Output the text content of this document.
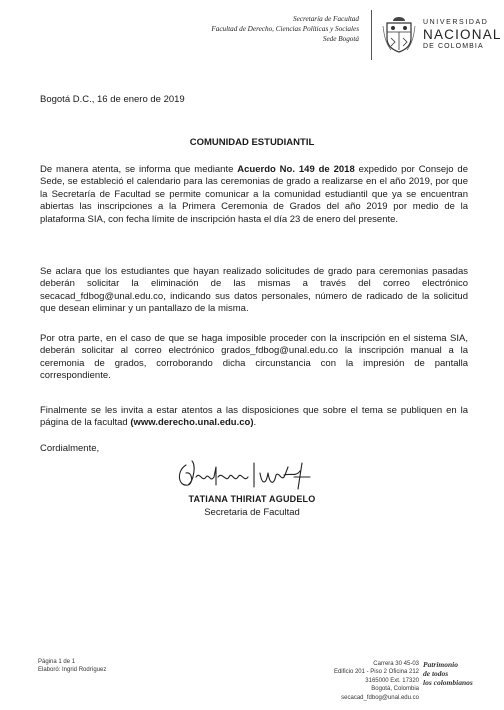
Secretaría de Facultad
Facultad de Derecho, Ciencias Políticas y Sociales
Sede Bogotá
UNIVERSIDAD
NACIONAL
DE COLOMBIA
Bogotá D.C., 16 de enero de 2019
COMUNIDAD ESTUDIANTIL

De manera atenta, se informa que mediante Acuerdo No. 149 de 2018 expedido por Consejo de Sede, se estableció el calendario para las ceremonias de grado a realizarse en el año 2019, por que la Secretaría de Facultad se permite comunicar a la comunidad estudiantil que ya se encuentran abiertas las inscripciones a la Primera Ceremonia de Grados del año 2019 por medio de la plataforma SIA, con fecha límite de inscripción hasta el día 23 de enero del presente.

Se aclara que los estudiantes que hayan realizado solicitudes de grado para ceremonias pasadas deberán solicitar la eliminación de las mismas a través del correo electrónico secacad_fdbog@unal.edu.co, indicando sus datos personales, número de radicado de la solicitud que desean eliminar y un pantallazo de la misma.

Por otra parte, en el caso de que se haga imposible proceder con la inscripción en el sistema SIA, deberán solicitar al correo electrónico grados_fdbog@unal.edu.co la inscripción manual a la ceremonia de grados, corroborando dicha circunstancia con la impresión de pantalla correspondiente.

Finalmente se les invita a estar atentos a las disposiciones que sobre el tema se publiquen en la página de la facultad (www.derecho.unal.edu.co).

Cordialmente,
TATIANA THIRIAT AGUDELO
Secretaria de Facultad
Página 1 de 1
Elaboró: Ingrid Rodríguez
Carrera 30 45-03
Edificio 201 - Piso 2 Oficina 212
3165000 Ext. 17320
Bogotá, Colombia
secacad_fdbog@unal.edu.co
Patrimonio
de todos
los colombianos
